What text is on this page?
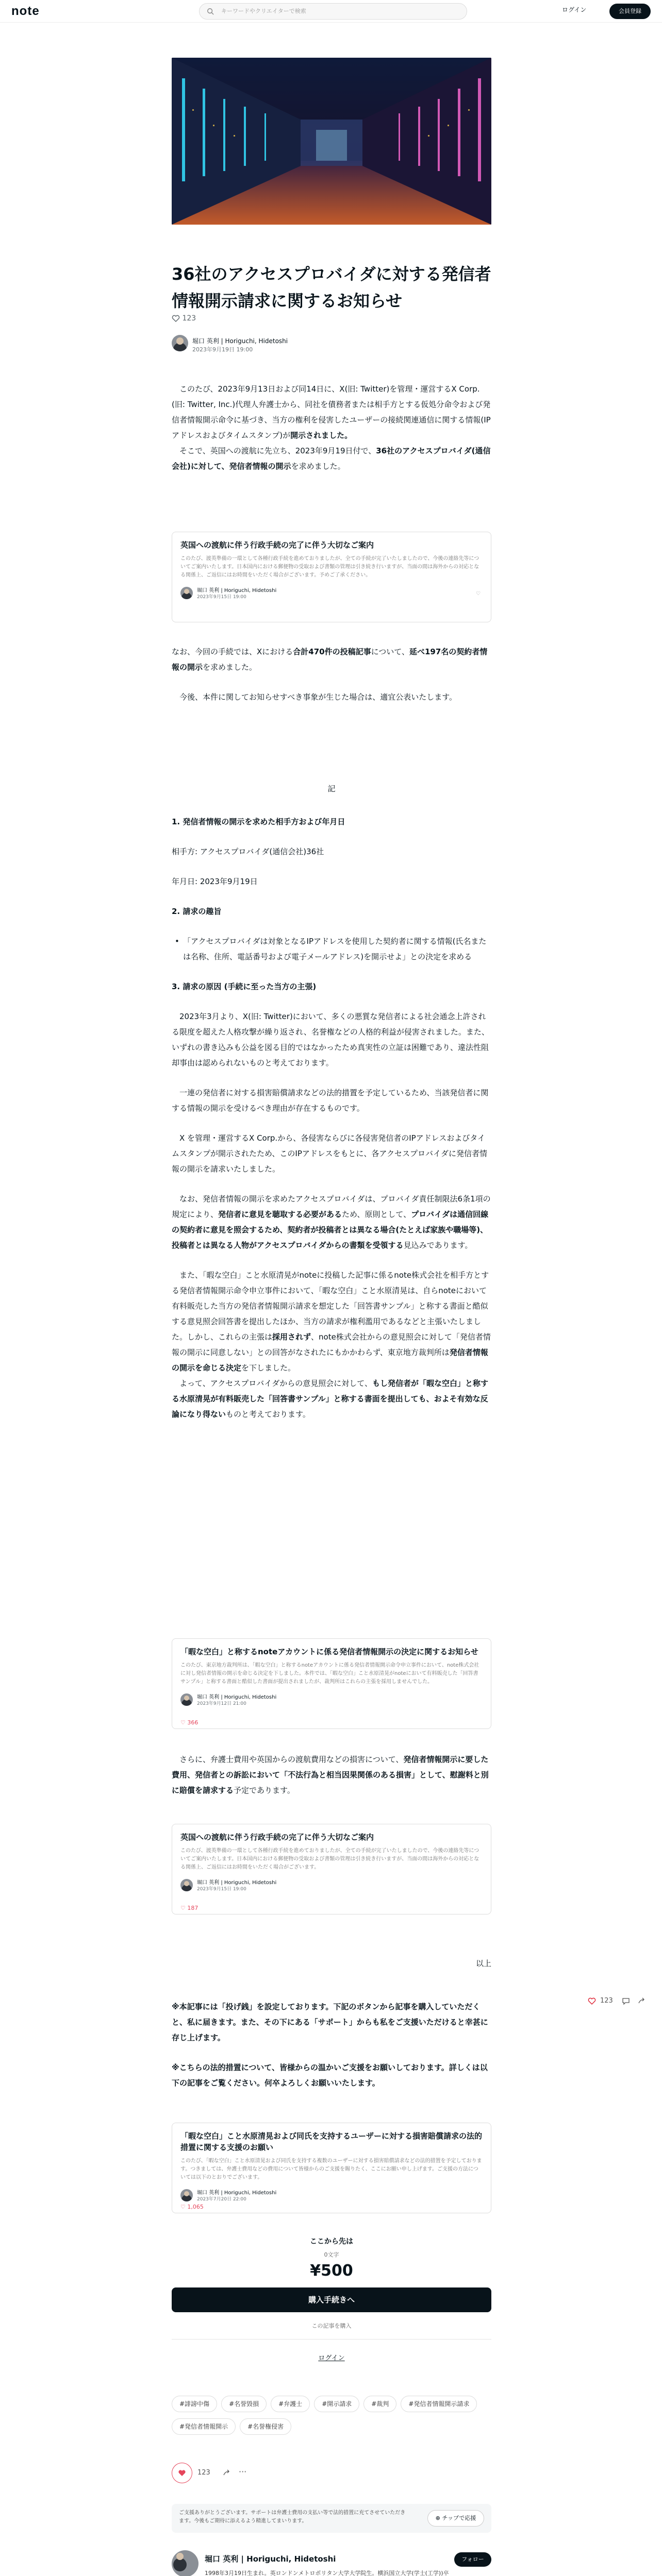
note	キーワードやクリエイターで検索	ログイン	会員登録
36社のアクセスプロバイダに対する発信者情報開示請求に関するお知らせ
123
堀口 英利 | Horiguchi, Hidetoshi
2023年9月19日 19:00

　このたび、2023年9月13日および同14日に、X(旧: Twitter)を管理・運営するX Corp.(旧: Twitter, Inc.)代理人弁護士から、同社を債務者または相手方とする仮処分命令および発信者情報開示命令に基づき、当方の権利を侵害したユーザーの接続関連通信に関する情報(IPアドレスおよびタイムスタンプ)が開示されました。

　そこで、英国への渡航に先立ち、2023年9月19日付で、36社のアクセスプロバイダ(通信会社)に対して、発信者情報の開示を求めました。

英国への渡航に伴う行政手続の完了に伴う大切なご案内
このたび、渡英準備の一環として各種行政手続を進めておりましたが、全ての手続が完了いたしましたので、今後の連絡先等についてご案内いたします。日本国内における郵便物の受取および書類の管理は引き続き行いますが、当面の間は海外からの対応となる関係上、ご返信にはお時間をいただく場合がございます。予めご了承ください。
堀口 英利 | Horiguchi, Hidetoshi
2023年9月15日 19:00
♡

なお、今回の手続では、Xにおける合計470件の投稿記事について、延べ197名の契約者情報の開示を求めました。

　今後、本件に関してお知らせすべき事象が生じた場合は、適宜公表いたします。

記

1. 発信者情報の開示を求めた相手方および年月日

相手方: アクセスプロバイダ(通信会社)36社

年月日: 2023年9月19日

2. 請求の趣旨

• 「アクセスプロバイダは対象となるIPアドレスを使用した契約者に関する情報(氏名または名称、住所、電話番号および電子メールアドレス)を開示せよ」との決定を求める

3. 請求の原因 (手続に至った当方の主張)

　2023年3月より、X(旧: Twitter)において、多くの悪質な発信者による社会通念上許される限度を超えた人格攻撃が繰り返され、名誉権などの人格的利益が侵害されました。また、いずれの書き込みも公益を図る目的ではなかったため真実性の立証は困難であり、違法性阻却事由は認められないものと考えております。

　一連の発信者に対する損害賠償請求などの法的措置を予定しているため、当該発信者に関する情報の開示を受けるべき理由が存在するものです。

　X を管理・運営するX Corp.から、各侵害ならびに各侵害発信者のIPアドレスおよびタイムスタンプが開示されたため、このIPアドレスをもとに、各アクセスプロバイダに発信者情報の開示を請求いたしました。

　なお、発信者情報の開示を求めたアクセスプロバイダは、プロバイダ責任制限法6条1項の規定により、発信者に意見を聴取する必要があるため、原則として、プロバイダは通信回線の契約者に意見を照会するため、契約者が投稿者とは異なる場合(たとえば家族や職場等)、投稿者とは異なる人物がアクセスプロバイダからの書類を受領する見込みであります。

　また、「暇な空白」こと水原清晃がnoteに投稿した記事に係るnote株式会社を相手方とする発信者情報開示命令申立事件において、「暇な空白」こと水原清晃は、自らnoteにおいて有料販売した当方の発信者情報開示請求を想定した「回答書サンプル」と称する書面と酷似する意見照会回答書を提出したほか、当方の請求が権利濫用であるなどと主張いたしました。しかし、これらの主張は採用されず、note株式会社からの意見照会に対して「発信者情報の開示に同意しない」との回答がなされたにもかかわらず、東京地方裁判所は発信者情報の開示を命じる決定を下しました。

　よって、アクセスプロバイダからの意見照会に対して、もし発信者が「暇な空白」と称する水原清晃が有料販売した「回答書サンプル」と称する書面を提出しても、およそ有効な反論になり得ないものと考えております。

「暇な空白」と称するnoteアカウントに係る発信者情報開示の決定に関するお知らせ
このたび、東京地方裁判所は、「暇な空白」と称するnoteアカウントに係る発信者情報開示命令申立事件において、note株式会社に対し発信者情報の開示を命じる決定を下しました。本件では、「暇な空白」こと水原清晃がnoteにおいて有料販売した「回答書サンプル」と称する書面と酷似した書面が提出されましたが、裁判所はこれらの主張を採用しませんでした。
堀口 英利 | Horiguchi, Hidetoshi
2023年9月12日 21:00
♡ 366

　さらに、弁護士費用や英国からの渡航費用などの損害について、発信者情報開示に要した費用、発信者との訴訟において「不法行為と相当因果関係のある損害」として、慰謝料と別に賠償を請求する予定であります。

英国への渡航に伴う行政手続の完了に伴う大切なご案内
このたび、渡英準備の一環として各種行政手続を進めておりましたが、全ての手続が完了いたしましたので、今後の連絡先等についてご案内いたします。日本国内における郵便物の受取および書類の管理は引き続き行いますが、当面の間は海外からの対応となる関係上、ご返信にはお時間をいただく場合がございます。
堀口 英利 | Horiguchi, Hidetoshi
2023年9月15日 19:00
♡ 187
以上
123

※本記事には「投げ銭」を設定しております。下記のボタンから記事を購入していただくと、私に届きます。また、その下にある「サポート」からも私をご支援いただけると幸甚に存じ上げます。

※こちらの法的措置について、皆様からの温かいご支援をお願いしております。詳しくは以下の記事をご覧ください。何卒よろしくお願いいたします。

「暇な空白」こと水原清晃および同氏を支持するユーザーに対する損害賠償請求の法的措置に関する支援のお願い
このたび、「暇な空白」こと水原清晃および同氏を支持する複数のユーザーに対する損害賠償請求などの法的措置を予定しております。つきましては、弁護士費用などの費用について皆様からのご支援を賜りたく、ここにお願い申し上げます。ご支援の方法については以下のとおりでございます。
堀口 英利 | Horiguchi, Hidetoshi
2023年7月20日 22:00
♡ 1,065
ここから先は
0文字
¥500
購入手続きへ
この記事を購入
ログイン
#誹謗中傷	#名誉毀損	#弁護士	#開示請求	#裁判	#発信者情報開示請求#発信者情報開示	#名誉権侵害
123	···
ご支援ありがとうございます。サポートは弁護士費用の支払い等で法的措置に充てさせていただきます。今後もご期待に添えるよう精進してまいります。	⊕ チップで応援
堀口 英利 | Horiguchi, Hidetoshi	フォロー
1998年3月19日生まれ。英ロンドンメトロポリタン大学大学院生。横浜国立大学(学士(工学))卒
